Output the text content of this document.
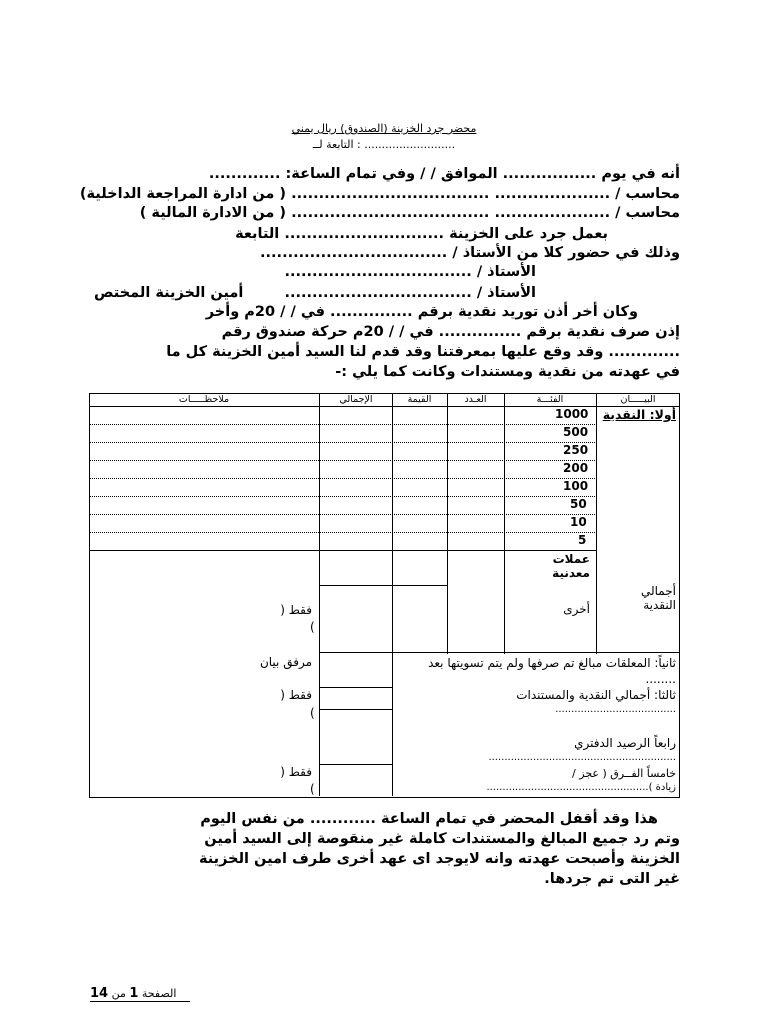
محضر جرد الخزينة (الصندوق) ريال يمني
التابعة لــ : ..........................
أنه في يوم ................. الموافق / / وفي تمام الساعة: .............
محاسب / ..................... .................................... ( من ادارة المراجعة الداخلية)
محاسب / ..................... .................................... ( من الادارة المالية )
بعمل جرد على الخزينة ............................. التابعة
وذلك في حضور كلا من الأستاذ / ..................................
الأستاذ / ..................................
الأستاذ / ..................................
أمين الخزينة المختص
وكان أخر أذن توريد نقدية برقم ............... في / / 20م وأخر
إذن صرف نقدية برقم ............... في / / 20م حركة صندوق رقم
............. وقد وقع عليها بمعرفتنا وقد قدم لنا السيد أمين الخزينة كل ما
في عهدته من نقدية ومستندات وكانت كما يلي :-
البيـــــان
الفئـــة
العـدد
القيمة
الإجمالي
ملاحظـــــات
أولا: النقدية
أجمالي النقدية
1000
500
250
200
100
50
10
5
عملات معدنية
أخرى
فقط (
)
مرفق بيان
فقط (
)
فقط (
)
ثانياً: المعلقات مبالغ تم صرفها ولم يتم تسويتها بعد ........
ثالثا: أجمالي النقدية والمستندات
......................................
رابعاً الرصيد الدفتري
...........................................................
خامساً الفــرق ( عجز /
زيادة )...................................................
هذا وقد أقفل المحضر في تمام الساعة ............ من نفس اليوم
وتم رد جميع المبالغ والمستندات كاملة غير منقوصة إلى السيد أمين
الخزينة وأصبحت عهدته وانه لايوجد اى عهد أخرى طرف امين الخزينة
غير التى تم جردها.
الصفحة 1 من 14
